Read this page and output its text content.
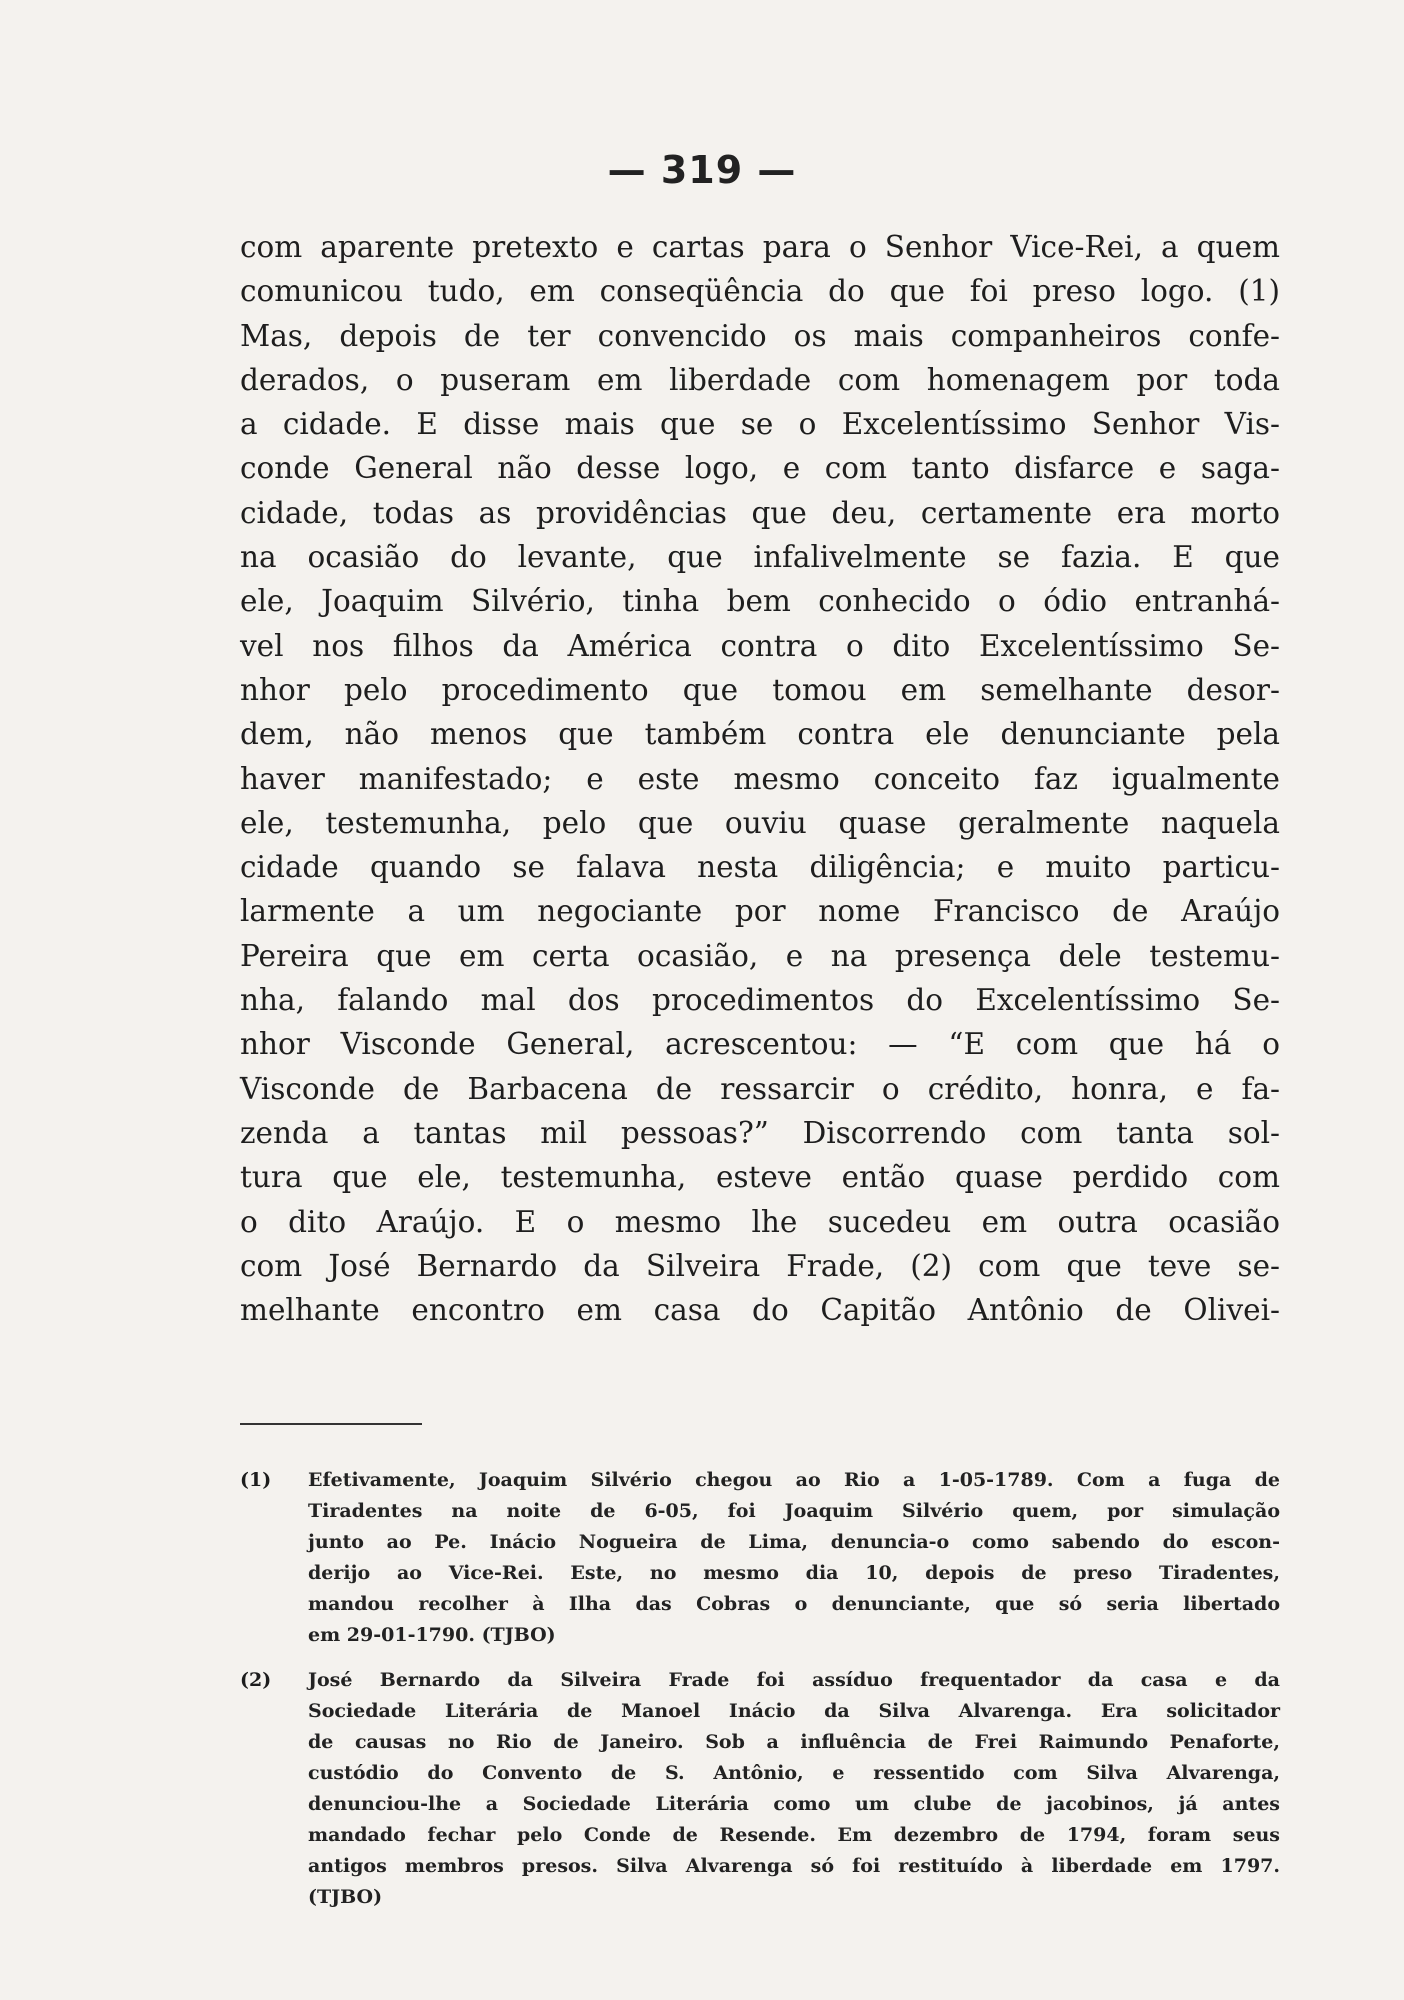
— 319 —
com aparente pretexto e cartas para o Senhor Vice-Rei, a quem
comunicou tudo, em conseqüência do que foi preso logo. (1)
Mas, depois de ter convencido os mais companheiros confe-
derados, o puseram em liberdade com homenagem por toda
a cidade. E disse mais que se o Excelentíssimo Senhor Vis-
conde General não desse logo, e com tanto disfarce e saga-
cidade, todas as providências que deu, certamente era morto
na ocasião do levante, que infalivelmente se fazia. E que
ele, Joaquim Silvério, tinha bem conhecido o ódio entranhá-
vel nos filhos da América contra o dito Excelentíssimo Se-
nhor pelo procedimento que tomou em semelhante desor-
dem, não menos que também contra ele denunciante pela
haver manifestado; e este mesmo conceito faz igualmente
ele, testemunha, pelo que ouviu quase geralmente naquela
cidade quando se falava nesta diligência; e muito particu-
larmente a um negociante por nome Francisco de Araújo
Pereira que em certa ocasião, e na presença dele testemu-
nha, falando mal dos procedimentos do Excelentíssimo Se-
nhor Visconde General, acrescentou: — “E com que há o
Visconde de Barbacena de ressarcir o crédito, honra, e fa-
zenda a tantas mil pessoas?” Discorrendo com tanta sol-
tura que ele, testemunha, esteve então quase perdido com
o dito Araújo. E o mesmo lhe sucedeu em outra ocasião
com José Bernardo da Silveira Frade, (2) com que teve se-
melhante encontro em casa do Capitão Antônio de Olivei-
(1) Efetivamente, Joaquim Silvério chegou ao Rio a 1-05-1789. Com a fuga de
Tiradentes na noite de 6-05, foi Joaquim Silvério quem, por simulação
junto ao Pe. Inácio Nogueira de Lima, denuncia-o como sabendo do escon-
derijo ao Vice-Rei. Este, no mesmo dia 10, depois de preso Tiradentes,
mandou recolher à Ilha das Cobras o denunciante, que só seria libertado
em 29-01-1790. (TJBO)
(2) José Bernardo da Silveira Frade foi assíduo frequentador da casa e da
Sociedade Literária de Manoel Inácio da Silva Alvarenga. Era solicitador
de causas no Rio de Janeiro. Sob a influência de Frei Raimundo Penaforte,
custódio do Convento de S. Antônio, e ressentido com Silva Alvarenga,
denunciou-lhe a Sociedade Literária como um clube de jacobinos, já antes
mandado fechar pelo Conde de Resende. Em dezembro de 1794, foram seus
antigos membros presos. Silva Alvarenga só foi restituído à liberdade em 1797.
(TJBO)
